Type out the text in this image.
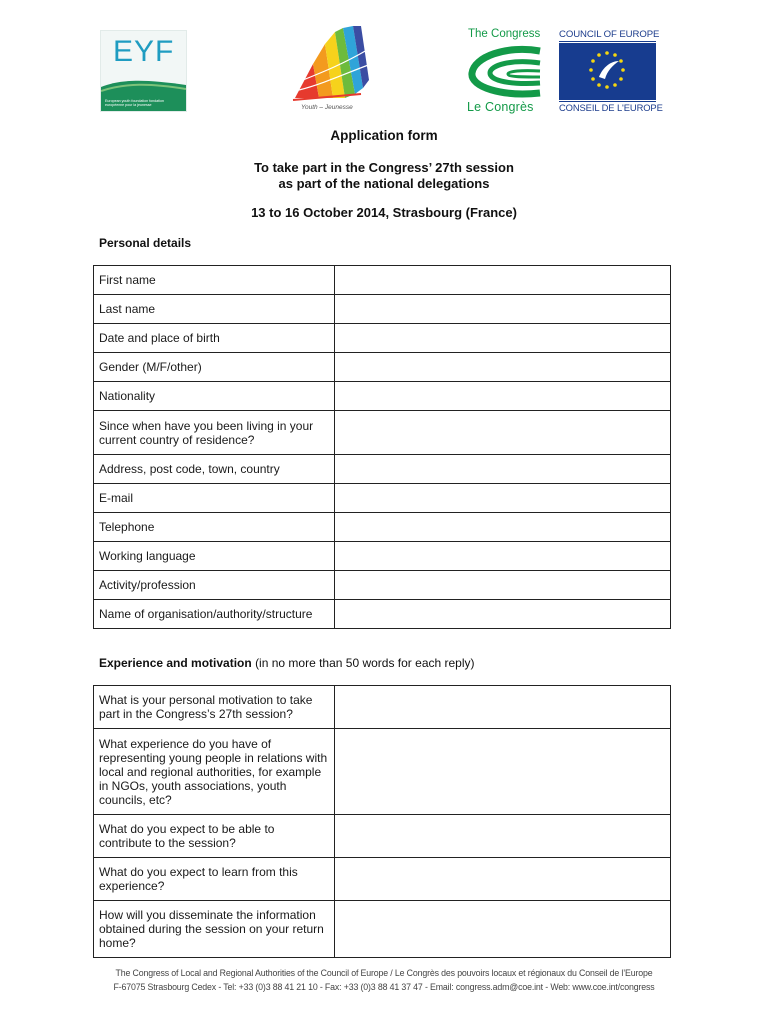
EYF
European youth foundation fondation européenne pour la jeunesse	Youth – Jeunesse
The Congress
Le Congrès
COUNCIL OF EUROPE
CONSEIL DE L'EUROPE
Application form
To take part in the Congress’ 27th session
as part of the national delegations
13 to 16 October 2014, Strasbourg (France)
Personal details
First name	
Last name	
Date and place of birth	
Gender (M/F/other)	
Nationality	
Since when have you been living in your current country of residence?	
Address, post code, town, country	
E-mail	
Telephone	
Working language	
Activity/profession	
Name of organisation/authority/structure	
Experience and motivation (in no more than 50 words for each reply)
What is your personal motivation to take part in the Congress’s 27th session?	
What experience do you have of representing young people in relations with local and regional authorities, for example in NGOs, youth associations, youth councils, etc?	
What do you expect to be able to contribute to the session?	
What do you expect to learn from this experience?	
How will you disseminate the information obtained during the session on your return home?	
The Congress of Local and Regional Authorities of the Council of Europe / Le Congrès des pouvoirs locaux et régionaux du Conseil de l’Europe
F-67075 Strasbourg Cedex - Tel: +33 (0)3 88 41 21 10 - Fax: +33 (0)3 88 41 37 47 - Email: congress.adm@coe.int - Web: www.coe.int/congress
